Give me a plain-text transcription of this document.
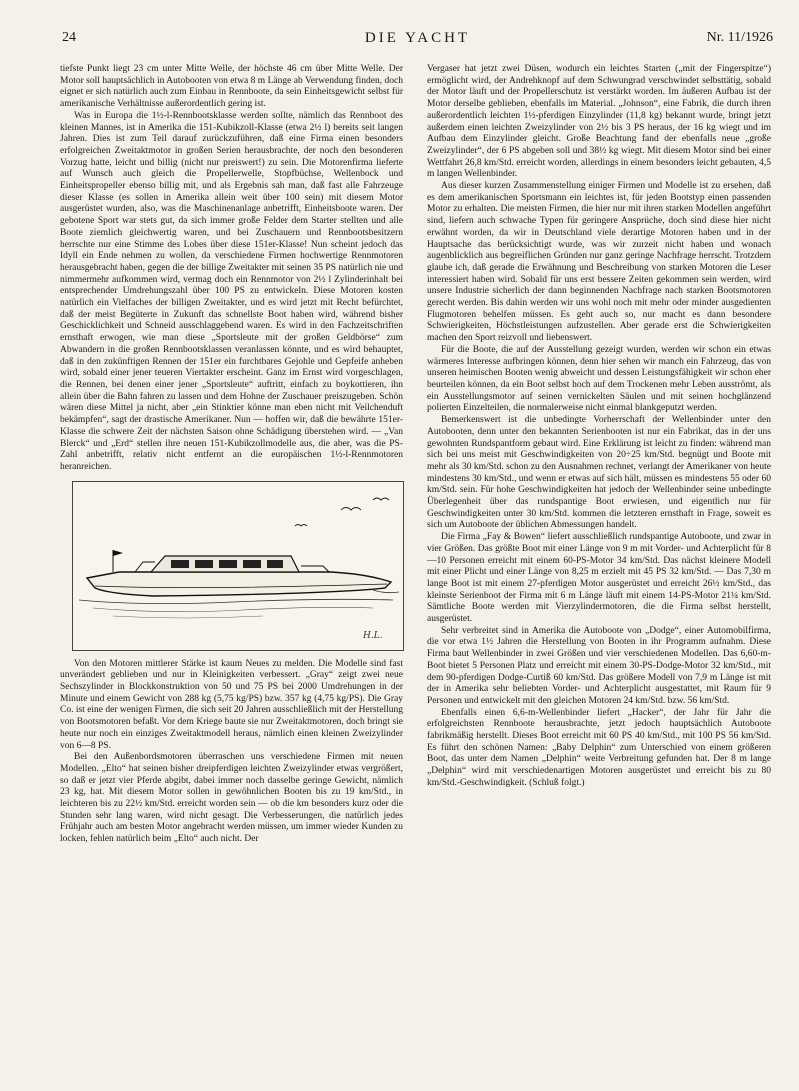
24	DIE YACHT	Nr. 11/1926

tiefste Punkt liegt 23 cm unter Mitte Welle, der höchste 46 cm über Mitte Welle. Der Motor soll hauptsächlich in Autobooten von etwa 8 m Länge ab Verwendung finden, doch eignet er sich natürlich auch zum Einbau in Rennboote, da sein Einheitsgewicht selbst für amerikanische Verhältnisse außerordentlich gering ist.

Was in Europa die 1½-l-Rennbootsklasse werden sollte, nämlich das Rennboot des kleinen Mannes, ist in Amerika die 151-Kubikzoll-Klasse (etwa 2½ l) bereits seit langen Jahren. Dies ist zum Teil darauf zurückzuführen, daß eine Firma einen besonders erfolgreichen Zweitaktmotor in großen Serien herausbrachte, der noch den besonderen Vorzug hatte, leicht und billig (nicht nur preiswert!) zu sein. Die Motorenfirma lieferte auf Wunsch auch gleich die Propellerwelle, Stopfbüchse, Wellenbock und Einheitspropeller ebenso billig mit, und als Ergebnis sah man, daß fast alle Fahrzeuge dieser Klasse (es sollen in Amerika allein weit über 100 sein) mit diesem Motor ausgerüstet wurden, also, was die Maschinenanlage anbetrifft, Einheitsboote waren. Der gebotene Sport war stets gut, da sich immer große Felder dem Starter stellten und alle Boote ziemlich gleichwertig waren, und bei Zuschauern und Rennbootsbesitzern herrschte nur eine Stimme des Lobes über diese 151er-Klasse! Nun scheint jedoch das Idyll ein Ende nehmen zu wollen, da verschiedene Firmen hochwertige Rennmotoren herausgebracht haben, gegen die der billige Zweitakter mit seinen 35 PS natürlich nie und nimmermehr aufkommen wird, vermag doch ein Rennmotor von 2½ l Zylinderinhalt bei entsprechender Umdrehungszahl über 100 PS zu entwickeln. Diese Motoren kosten natürlich ein Vielfaches der billigen Zweitakter, und es wird jetzt mit Recht befürchtet, daß der meist Begüterte in Zukunft das schnellste Boot haben wird, während bisher Geschicklichkeit und Schneid ausschlaggebend waren. Es wird in den Fachzeitschriften ernsthaft erwogen, wie man diese „Sportsleute mit der großen Geldbörse“ zum Abwandern in die großen Rennbootsklassen veranlassen könnte, und es wird behauptet, daß in den zukünftigen Rennen der 151er ein furchtbares Gejohle und Gepfeife anheben wird, sobald einer jener teueren Viertakter erscheint. Ganz im Ernst wird vorgeschlagen, die Rennen, bei denen einer jener „Sportsleute“ auftritt, einfach zu boykottieren, ihn allein über die Bahn fahren zu lassen und dem Hohne der Zuschauer preiszugeben. Schön wären diese Mittel ja nicht, aber „ein Stinktier könne man eben nicht mit Veilchenduft bekämpfen“, sagt der drastische Amerikaner. Nun — hoffen wir, daß die bewährte 151er-Klasse die schwere Zeit der nächsten Saison ohne Schädigung überstehen wird. — „Van Blerck“ und „Erd“ stellen ihre neuen 151-Kubikzollmodelle aus, die aber, was die PS-Zahl anbetrifft, relativ nicht entfernt an die europäischen 1½-l-Rennmotoren heranreichen.

H.L.

Von den Motoren mittlerer Stärke ist kaum Neues zu melden. Die Modelle sind fast unverändert geblieben und nur in Kleinigkeiten verbessert. „Gray“ zeigt zwei neue Sechszylinder in Blockkonstruktion von 50 und 75 PS bei 2000 Umdrehungen in der Minute und einem Gewicht von 288 kg (5,75 kg/PS) bzw. 357 kg (4,75 kg/PS). Die Gray Co. ist eine der wenigen Firmen, die sich seit 20 Jahren ausschließlich mit der Herstellung von Bootsmotoren befaßt. Vor dem Kriege baute sie nur Zweitaktmotoren, doch bringt sie heute nur noch ein einziges Zweitaktmodell heraus, nämlich einen kleinen Zweizylinder von 6—8 PS.

Bei den Außenbordsmotoren überraschen uns verschiedene Firmen mit neuen Modellen. „Elto“ hat seinen bisher dreipferdigen leichten Zweizylinder etwas vergrößert, so daß er jetzt vier Pferde abgibt, dabei immer noch dasselbe geringe Gewicht, nämlich 23 kg, hat. Mit diesem Motor sollen in gewöhnlichen Booten bis zu 19 km/Std., in leichteren bis zu 22½ km/Std. erreicht worden sein — ob die km besonders kurz oder die Stunden sehr lang waren, wird nicht gesagt. Die Verbesserungen, die natürlich jedes Frühjahr auch am besten Motor angebracht werden müssen, um immer wieder Kunden zu locken, fehlen natürlich beim „Elto“ auch nicht. Der

Vergaser hat jetzt zwei Düsen, wodurch ein leichtes Starten („mit der Fingerspitze“) ermöglicht wird, der Andrehknopf auf dem Schwungrad verschwindet selbsttätig, sobald der Motor läuft und der Propellerschutz ist verstärkt worden. Im äußeren Aufbau ist der Motor derselbe geblieben, ebenfalls im Material. „Johnson“, eine Fabrik, die durch ihren außerordentlich leichten 1½-pferdigen Einzylinder (11,8 kg) bekannt wurde, bringt jetzt außerdem einen leichten Zweizylinder von 2½ bis 3 PS heraus, der 16 kg wiegt und im Aufbau dem Einzylinder gleicht. Große Beachtung fand der ebenfalls neue „große Zweizylinder“, der 6 PS abgeben soll und 38½ kg wiegt. Mit diesem Motor sind bei einer Wettfahrt 26,8 km/Std. erreicht worden, allerdings in einem besonders leicht gebauten, 4,5 m langen Wellenbinder.

Aus dieser kurzen Zusammenstellung einiger Firmen und Modelle ist zu ersehen, daß es dem amerikanischen Sportsmann ein leichtes ist, für jeden Bootstyp einen passenden Motor zu erhalten. Die meisten Firmen, die hier nur mit ihren starken Modellen angeführt sind, liefern auch schwache Typen für geringere Ansprüche, doch sind diese hier nicht erwähnt worden, da wir in Deutschland viele derartige Motoren haben und in der Hauptsache das berücksichtigt wurde, was wir zurzeit nicht haben und wonach augenblicklich aus begreiflichen Gründen nur ganz geringe Nachfrage herrscht. Trotzdem glaube ich, daß gerade die Erwähnung und Beschreibung von starken Motoren die Leser interessiert haben wird. Sobald für uns erst bessere Zeiten gekommen sein werden, wird unsere Industrie sicherlich der dann beginnenden Nachfrage nach starken Bootsmotoren gerecht werden. Bis dahin werden wir uns wohl noch mit mehr oder minder ausgedienten Flugmotoren behelfen müssen. Es geht auch so, nur macht es dann besondere Schwierigkeiten, Höchstleistungen aufzustellen. Aber gerade erst die Schwierigkeiten machen den Sport reizvoll und liebenswert.

Für die Boote, die auf der Ausstellung gezeigt wurden, werden wir schon ein etwas wärmeres Interesse aufbringen können, denn hier sehen wir manch ein Fahrzeug, das von unseren heimischen Booten wenig abweicht und dessen Leistungsfähigkeit wir schon eher beurteilen können, da ein Boot selbst hoch auf dem Trockenen mehr Leben ausströmt, als ein Ausstellungsmotor auf seinen vernickelten Säulen und mit seinen hochglänzend polierten Einzelteilen, die normalerweise nicht einmal blankgeputzt werden.

Bemerkenswert ist die unbedingte Vorherrschaft der Wellenbinder unter den Autobooten, denn unter den bekannten Serienbooten ist nur ein Fabrikat, das in der uns gewohnten Rundspantform gebaut wird. Eine Erklärung ist leicht zu finden: während man sich bei uns meist mit Geschwindigkeiten von 20÷25 km/Std. begnügt und Boote mit mehr als 30 km/Std. schon zu den Ausnahmen rechnet, verlangt der Amerikaner von heute mindestens 30 km/Std., und wenn er etwas auf sich hält, müssen es mindestens 55 oder 60 km/Std. sein. Für hohe Geschwindigkeiten hat jedoch der Wellenbinder seine unbedingte Überlegenheit über das rundspantige Boot erwiesen, und eigentlich nur für Geschwindigkeiten unter 30 km/Std. kommen die letzteren ernsthaft in Frage, soweit es sich um Autoboote der üblichen Abmessungen handelt.

Die Firma „Fay & Bowen“ liefert ausschließlich rundspantige Autoboote, und zwar in vier Größen. Das größte Boot mit einer Länge von 9 m mit Vorder- und Achterplicht für 8—10 Personen erreicht mit einem 60-PS-Motor 34 km/Std. Das nächst kleinere Modell mit einer Plicht und einer Länge von 8,25 m erzielt mit 45 PS 32 km/Std. — Das 7,30 m lange Boot ist mit einem 27-pferdigen Motor ausgerüstet und erreicht 26½ km/Std., das kleinste Serienboot der Firma mit 6 m Länge läuft mit einem 14-PS-Motor 21¼ km/Std. Sämtliche Boote werden mit Vierzylindermotoren, die die Firma selbst herstellt, ausgerüstet.

Sehr verbreitet sind in Amerika die Autoboote von „Dodge“, einer Automobilfirma, die vor etwa 1½ Jahren die Herstellung von Booten in ihr Programm aufnahm. Diese Firma baut Wellenbinder in zwei Größen und vier verschiedenen Modellen. Das 6,60-m-Boot bietet 5 Personen Platz und erreicht mit einem 30-PS-Dodge-Motor 32 km/Std., mit dem 90-pferdigen Dodge-Curtiß 60 km/Std. Das größere Modell von 7,9 m Länge ist mit der in Amerika sehr beliebten Vorder- und Achterplicht ausgestattet, mit Raum für 9 Personen und entwickelt mit den gleichen Motoren 24 km/Std. bzw. 56 km/Std.

Ebenfalls einen 6,6-m-Wellenbinder liefert „Hacker“, der Jahr für Jahr die erfolgreichsten Rennboote herausbrachte, jetzt jedoch hauptsächlich Autoboote fabrikmäßig herstellt. Dieses Boot erreicht mit 60 PS 40 km/Std., mit 100 PS 56 km/Std. Es führt den schönen Namen: „Baby Delphin“ zum Unterschied von einem größeren Boot, das unter dem Namen „Delphin“ weite Verbreitung gefunden hat. Der 8 m lange „Delphin“ wird mit verschiedenartigen Motoren ausgerüstet und erreicht bis zu 80 km/Std.-Geschwindigkeit. (Schluß folgt.)
